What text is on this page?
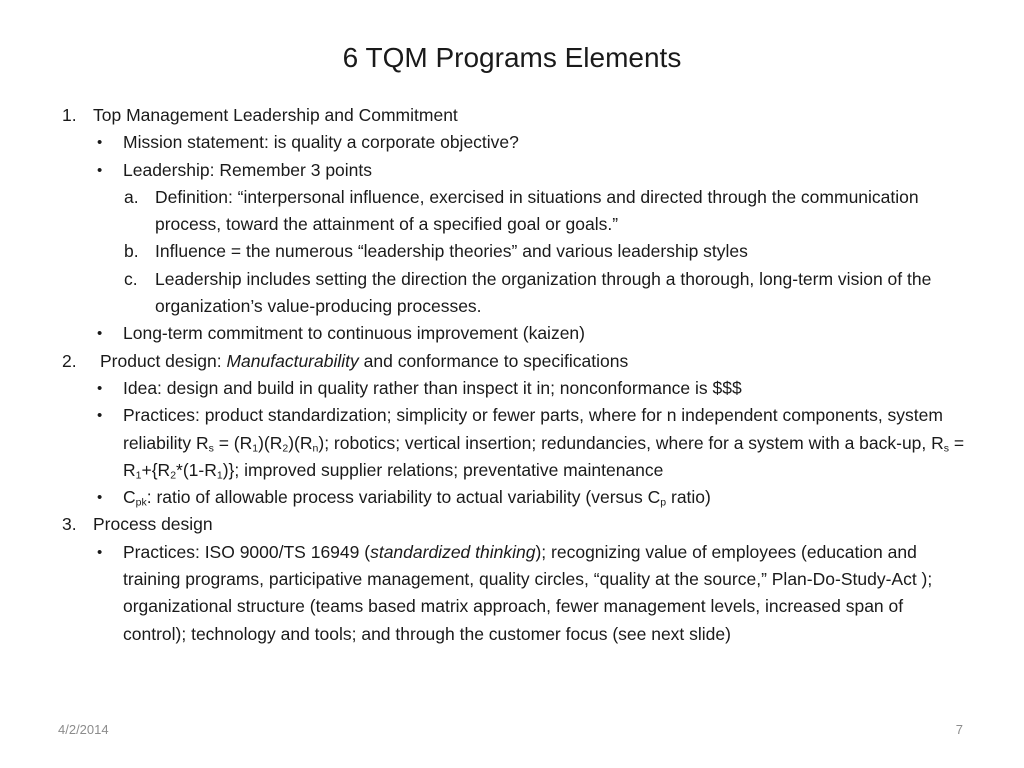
6 TQM Programs Elements
1. Top Management Leadership and Commitment
• Mission statement: is quality a corporate objective?
• Leadership: Remember 3 points
a. Definition: “interpersonal influence, exercised in situations and directed through the communication process, toward the attainment of a specified goal or goals.”
b. Influence = the numerous “leadership theories” and various leadership styles
c. Leadership includes setting the direction the organization through a thorough, long-term vision of the organization’s value-producing processes.
• Long-term commitment to continuous improvement (kaizen)
2. Product design: Manufacturability and conformance to specifications
• Idea: design and build in quality rather than inspect it in; nonconformance is $$$
• Practices: product standardization; simplicity or fewer parts, where for n independent components, system reliability $R_s = (R_1)(R_2)(R_n)$; robotics; vertical insertion; redundancies, where for a system with a back-up, $R_s = R_1+\{R_2*(1-R_1)\}$; improved supplier relations; preventative maintenance
• $C_{pk}$: ratio of allowable process variability to actual variability (versus $C_p$ ratio)
3. Process design
• Practices: ISO 9000/TS 16949 (standardized thinking); recognizing value of employees (education and training programs, participative management, quality circles, “quality at the source,” Plan-Do-Study-Act ); organizational structure (teams based matrix approach, fewer management levels, increased span of control); technology and tools; and through the customer focus (see next slide)
4/2/2014	7
